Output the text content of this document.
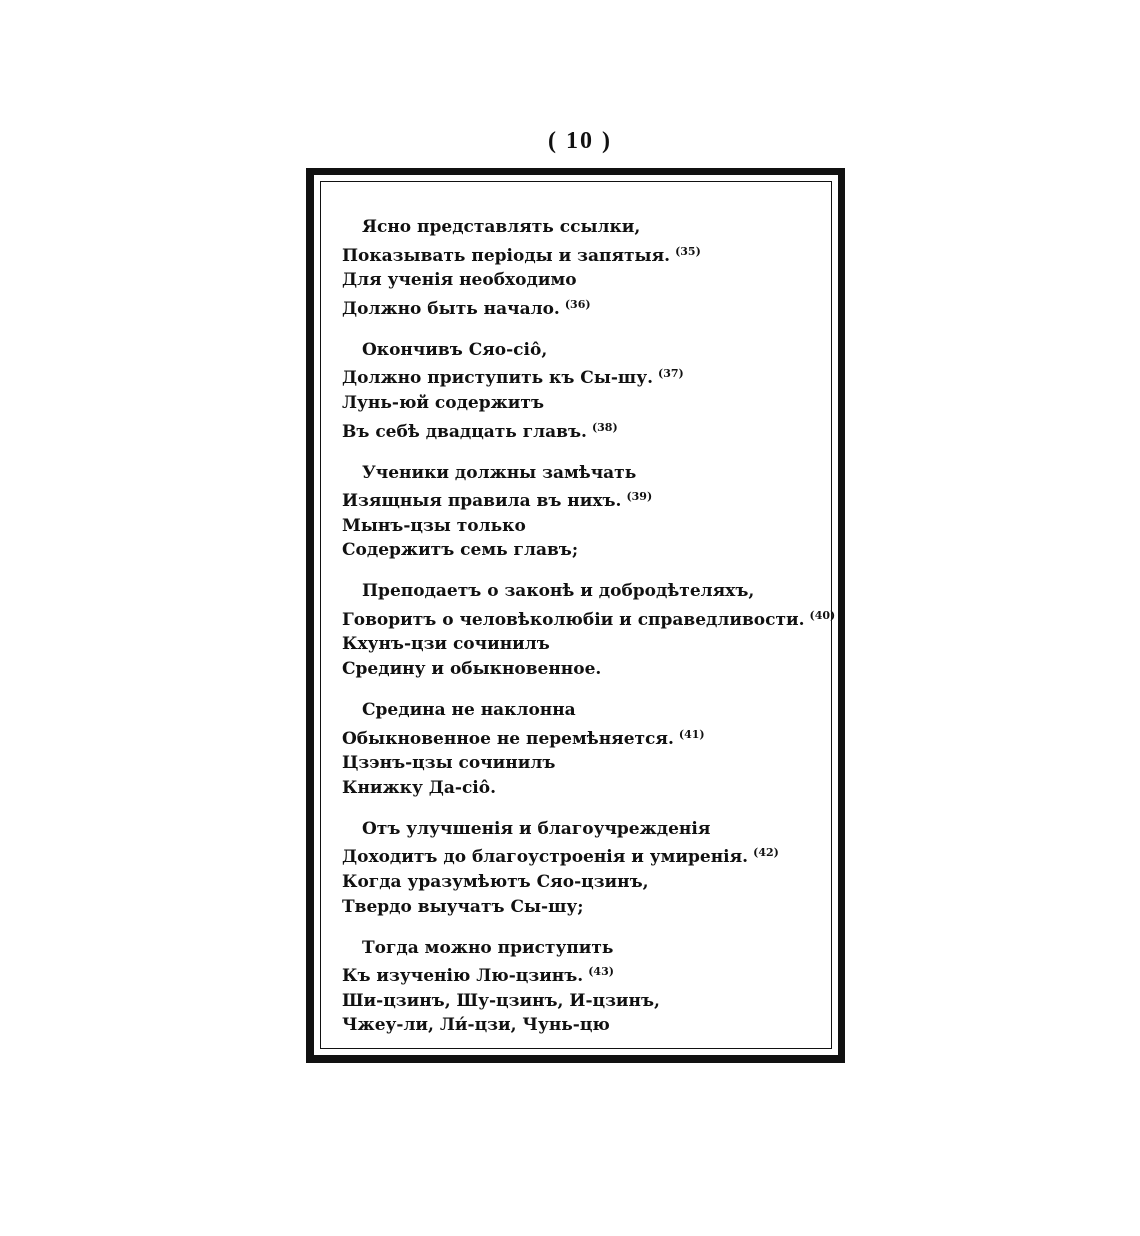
( 10 )
Ясно представлять ссылки,
Показывать періоды и запятыя. $^{(35)}$
Для ученія необходимо
Должно быть начало. $^{(36)}$
Окончивъ Сяо-сіо̂,
Должно приступить къ Сы-шу. $^{(37)}$
Лунь-юй содержитъ
Въ себѣ двадцать главъ. $^{(38)}$
Ученики должны замѣчать
Изящныя правила въ нихъ. $^{(39)}$
Мынъ-цзы только
Содержитъ семь главъ;
Преподаетъ о законѣ и добродѣтеляхъ,
Говоритъ о человѣколюбіи и справедливости. $^{(40)}$
Кхунъ-цзи сочинилъ
Средину и обыкновенное.
Средина не наклонна
Обыкновенное не перемѣняется. $^{(41)}$
Цзэнъ-цзы сочинилъ
Книжку Да-сіо̂.
Отъ улучшенія и благоучрежденія
Доходитъ до благоустроенія и умиренія. $^{(42)}$
Когда уразумѣютъ Сяо-цзинъ,
Твердо выучатъ Сы-шу;
Тогда можно приступить
Къ изученію Лю-цзинъ. $^{(43)}$
Ши-цзинъ, Шу-цзинъ, И-цзинъ,
Чжеу-ли, Ли́-цзи, Чунь-цю
